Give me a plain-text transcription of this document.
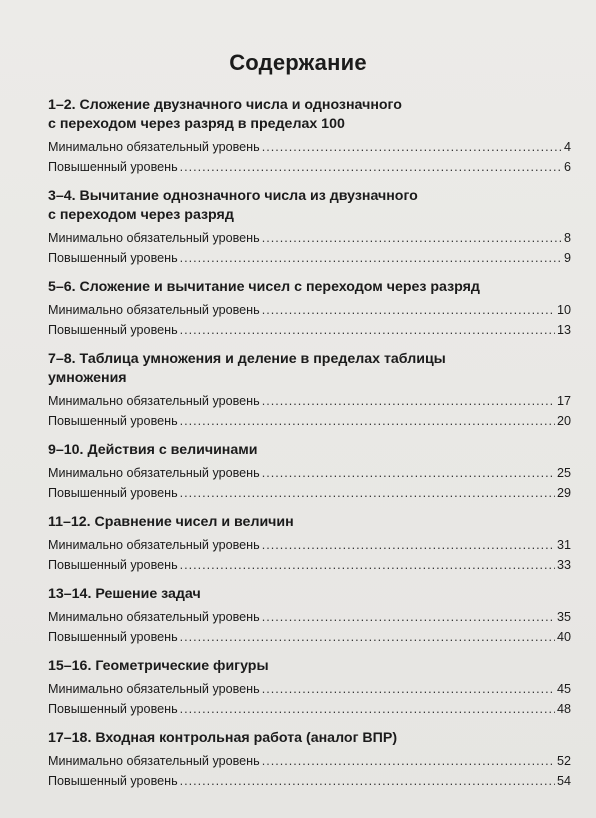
Содержание
1–2. Сложение двузначного числа и однозначного
с переходом через разряд в пределах 100
Минимально обязательный уровень .....	4
Повышенный уровень .....	6
3–4. Вычитание однозначного числа из двузначного
с переходом через разряд
Минимально обязательный уровень .....	8
Повышенный уровень .....	9
5–6. Сложение и вычитание чисел с переходом через разряд
Минимально обязательный уровень .....	10
Повышенный уровень .....	13
7–8. Таблица умножения и деление в пределах таблицы
умножения
Минимально обязательный уровень .....	17
Повышенный уровень .....	20
9–10. Действия с величинами
Минимально обязательный уровень .....	25
Повышенный уровень .....	29
11–12. Сравнение чисел и величин
Минимально обязательный уровень .....	31
Повышенный уровень .....	33
13–14. Решение задач
Минимально обязательный уровень .....	35
Повышенный уровень .....	40
15–16. Геометрические фигуры
Минимально обязательный уровень .....	45
Повышенный уровень .....	48
17–18. Входная контрольная работа (аналог ВПР)
Минимально обязательный уровень .....	52
Повышенный уровень .....	54
